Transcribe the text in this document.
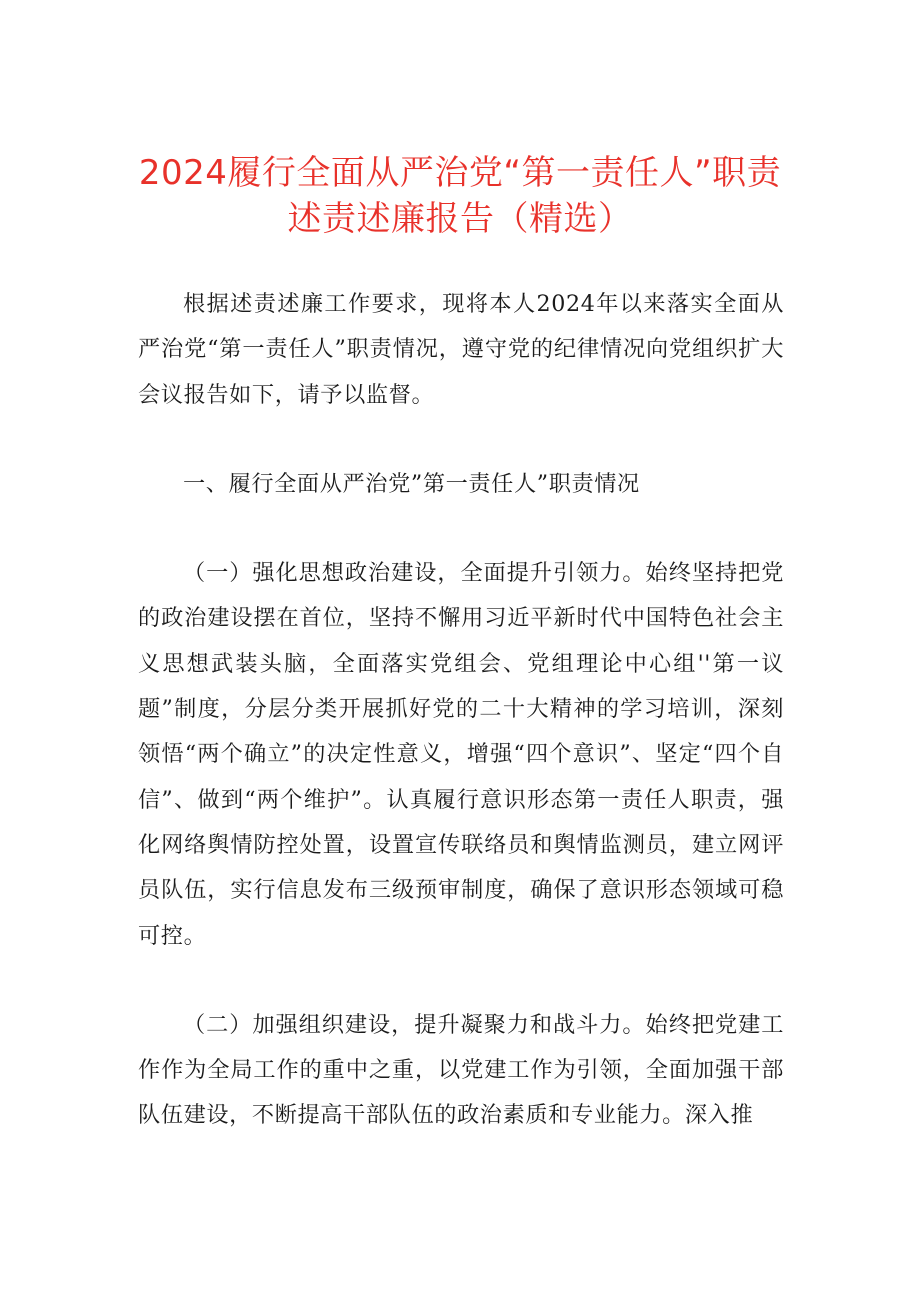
2024履行全面从严治党“第一责任人”职责
述责述廉报告（精选）

根据述责述廉工作要求，现将本人2024年以来落实全面从严治党“第一责任人”职责情况，遵守党的纪律情况向党组织扩大会议报告如下，请予以监督。

一、履行全面从严治党”第一责任人”职责情况

（一）强化思想政治建设，全面提升引领力。始终坚持把党的政治建设摆在首位，坚持不懈用习近平新时代中国特色社会主义思想武装头脑，全面落实党组会、党组理论中心组''第一议题”制度，分层分类开展抓好党的二十大精神的学习培训，深刻领悟“两个确立”的决定性意义，增强“四个意识”、坚定“四个自信”、做到“两个维护”。认真履行意识形态第一责任人职责，强化网络舆情防控处置，设置宣传联络员和舆情监测员，建立网评员队伍，实行信息发布三级预审制度，确保了意识形态领域可稳可控。

（二）加强组织建设，提升凝聚力和战斗力。始终把党建工作作为全局工作的重中之重，以党建工作为引领，全面加强干部队伍建设，不断提高干部队伍的政治素质和专业能力。深入推
